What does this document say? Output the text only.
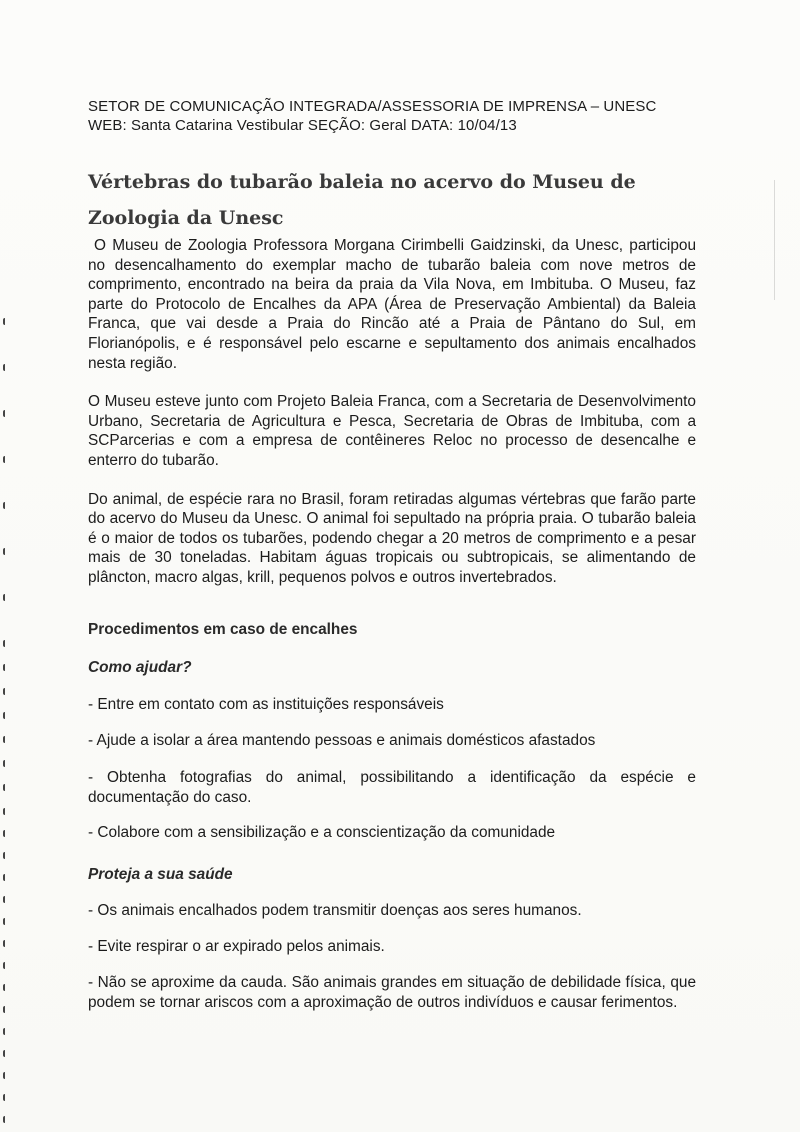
SETOR DE COMUNICAÇÃO INTEGRADA/ASSESSORIA DE IMPRENSA – UNESC
WEB: Santa Catarina Vestibular SEÇÃO: Geral DATA: 10/04/13
Vértebras do tubarão baleia no acervo do Museu de Zoologia da Unesc

O Museu de Zoologia Professora Morgana Cirimbelli Gaidzinski, da Unesc, participou no desencalhamento do exemplar macho de tubarão baleia com nove metros de comprimento, encontrado na beira da praia da Vila Nova, em Imbituba. O Museu, faz parte do Protocolo de Encalhes da APA (Área de Preservação Ambiental) da Baleia Franca, que vai desde a Praia do Rincão até a Praia de Pântano do Sul, em Florianópolis, e é responsável pelo escarne e sepultamento dos animais encalhados nesta região.

O Museu esteve junto com Projeto Baleia Franca, com a Secretaria de Desenvolvimento Urbano, Secretaria de Agricultura e Pesca, Secretaria de Obras de Imbituba, com a SCParcerias e com a empresa de contêineres Reloc no processo de desencalhe e enterro do tubarão.

Do animal, de espécie rara no Brasil, foram retiradas algumas vértebras que farão parte do acervo do Museu da Unesc. O animal foi sepultado na própria praia. O tubarão baleia é o maior de todos os tubarões, podendo chegar a 20 metros de comprimento e a pesar mais de 30 toneladas. Habitam águas tropicais ou subtropicais, se alimentando de plâncton, macro algas, krill, pequenos polvos e outros invertebrados.

Procedimentos em caso de encalhes
Como ajudar?
- Entre em contato com as instituições responsáveis
- Ajude a isolar a área mantendo pessoas e animais domésticos afastados
- Obtenha fotografias do animal, possibilitando a identificação da espécie e documentação do caso.
- Colabore com a sensibilização e a conscientização da comunidade
Proteja a sua saúde
- Os animais encalhados podem transmitir doenças aos seres humanos.
- Evite respirar o ar expirado pelos animais.
- Não se aproxime da cauda. São animais grandes em situação de debilidade física, que podem se tornar ariscos com a aproximação de outros indivíduos e causar ferimentos.
